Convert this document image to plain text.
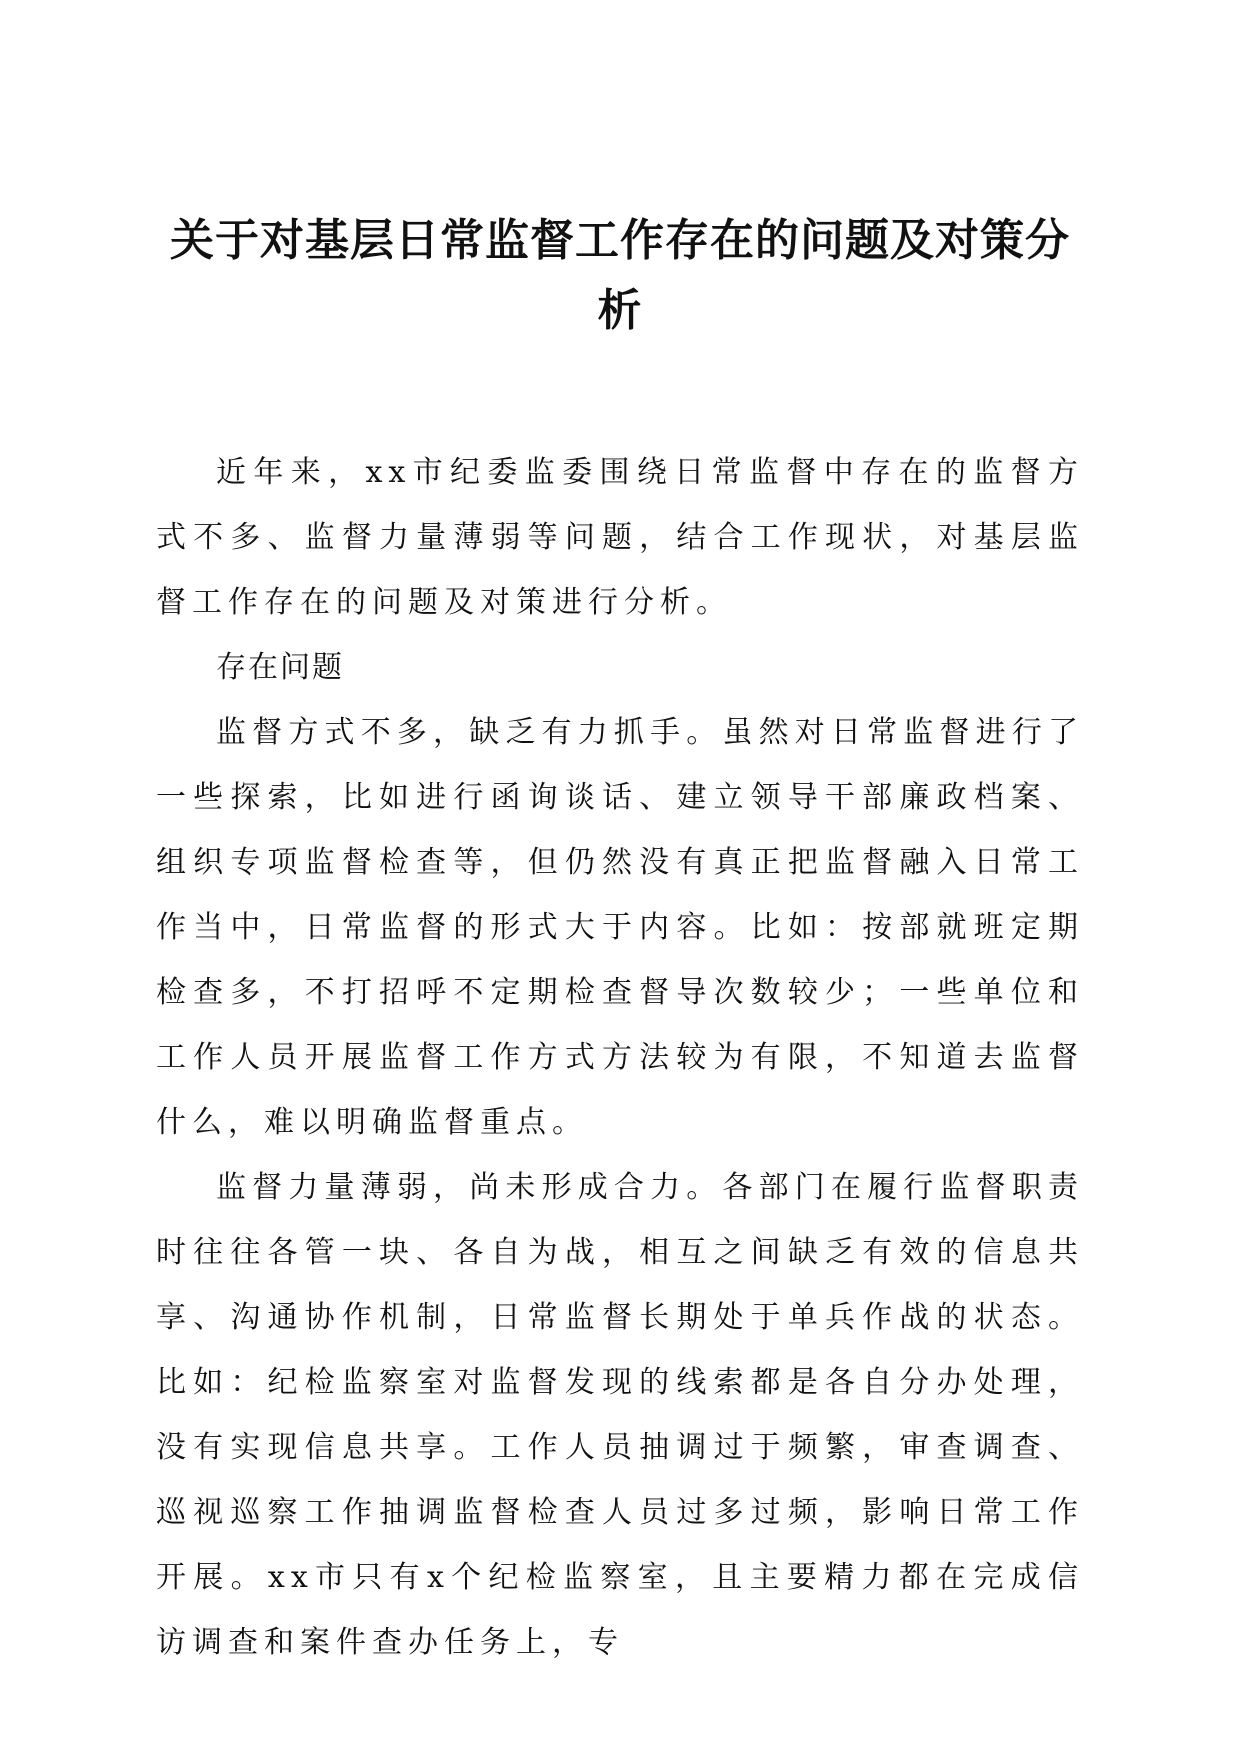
关于对基层日常监督工作存在的问题及对策分析

近年来，xx市纪委监委围绕日常监督中存在的监督方式不多、监督力量薄弱等问题，结合工作现状，对基层监督工作存在的问题及对策进行分析。

存在问题

监督方式不多，缺乏有力抓手。虽然对日常监督进行了一些探索，比如进行函询谈话、建立领导干部廉政档案、组织专项监督检查等，但仍然没有真正把监督融入日常工作当中，日常监督的形式大于内容。比如：按部就班定期检查多，不打招呼不定期检查督导次数较少；一些单位和工作人员开展监督工作方式方法较为有限，不知道去监督什么，难以明确监督重点。

监督力量薄弱，尚未形成合力。各部门在履行监督职责时往往各管一块、各自为战，相互之间缺乏有效的信息共享、沟通协作机制，日常监督长期处于单兵作战的状态。比如：纪检监察室对监督发现的线索都是各自分办处理，没有实现信息共享。工作人员抽调过于频繁，审查调查、巡视巡察工作抽调监督检查人员过多过频，影响日常工作开展。xx市只有x个纪检监察室，且主要精力都在完成信访调查和案件查办任务上，专
